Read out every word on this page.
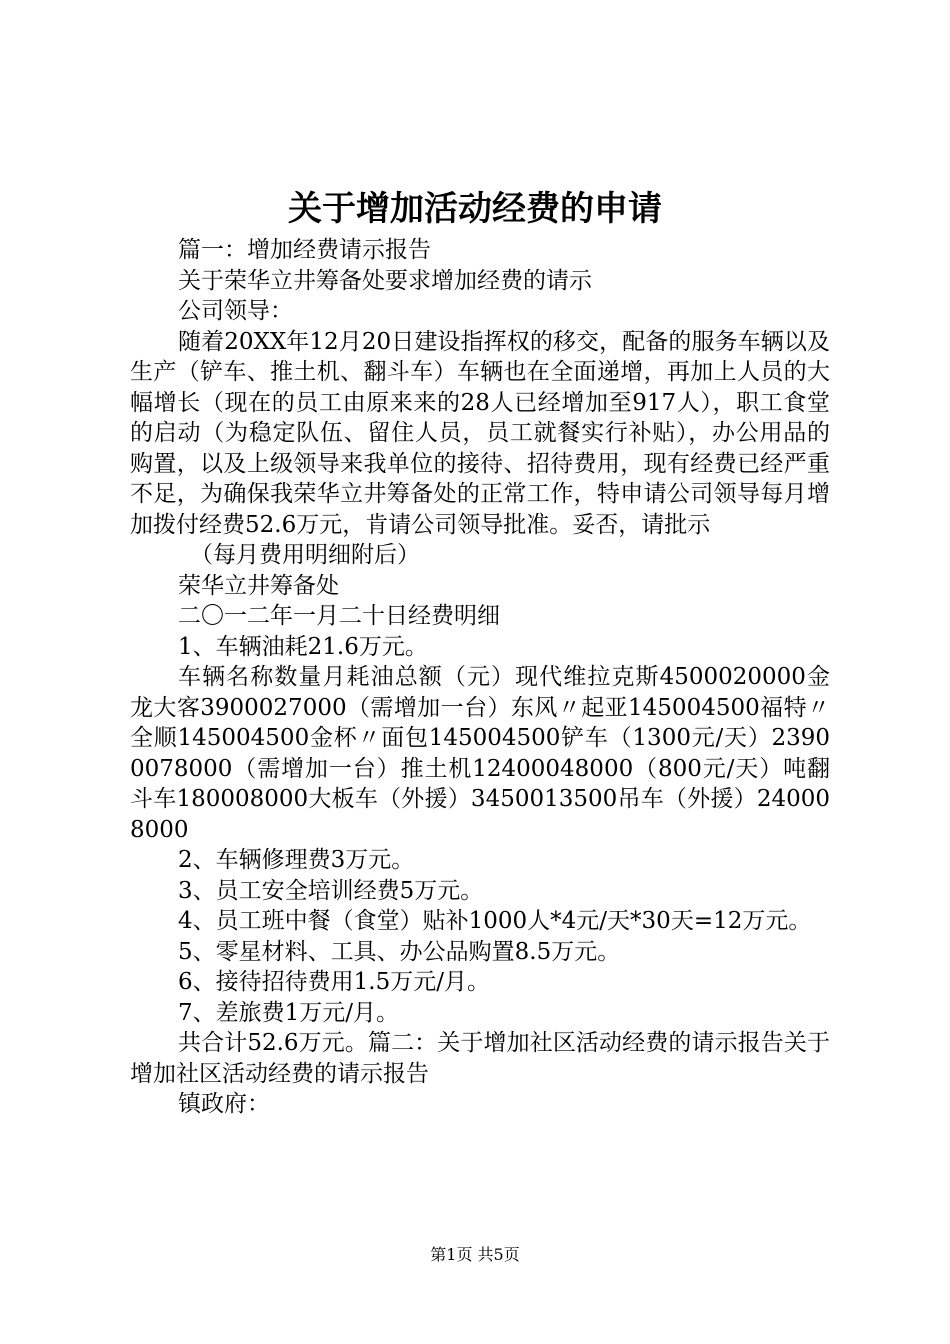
关于增加活动经费的申请

篇一：增加经费请示报告

关于荣华立井筹备处要求增加经费的请示

公司领导：

随着20XX年12月20日建设指挥权的移交，配备的服务车辆以及生产（铲车、推土机、翻斗车）车辆也在全面递增，再加上人员的大幅增长（现在的员工由原来来的28人已经增加至917人），职工食堂的启动（为稳定队伍、留住人员，员工就餐实行补贴），办公用品的购置，以及上级领导来我单位的接待、招待费用，现有经费已经严重不足，为确保我荣华立井筹备处的正常工作，特申请公司领导每月增加拨付经费52.6万元，肯请公司领导批准。妥否，请批示

（每月费用明细附后）

荣华立井筹备处

二〇一二年一月二十日经费明细

1、车辆油耗21.6万元。

车辆名称数量月耗油总额（元）现代维拉克斯4500020000金龙大客3900027000（需增加一台）东风〃起亚145004500福特〃全顺145004500金杯〃面包145004500铲车（1300元/天）23900078000（需增加一台）推土机12400048000（800元/天）吨翻斗车180008000大板车（外援）3450013500吊车（外援）240008000

2、车辆修理费3万元。

3、员工安全培训经费5万元。

4、员工班中餐（食堂）贴补1000人*4元/天*30天=12万元。

5、零星材料、工具、办公品购置8.5万元。

6、接待招待费用1.5万元/月。

7、差旅费1万元/月。

共合计52.6万元。篇二：关于增加社区活动经费的请示报告关于增加社区活动经费的请示报告

镇政府：

第1页 共5页
